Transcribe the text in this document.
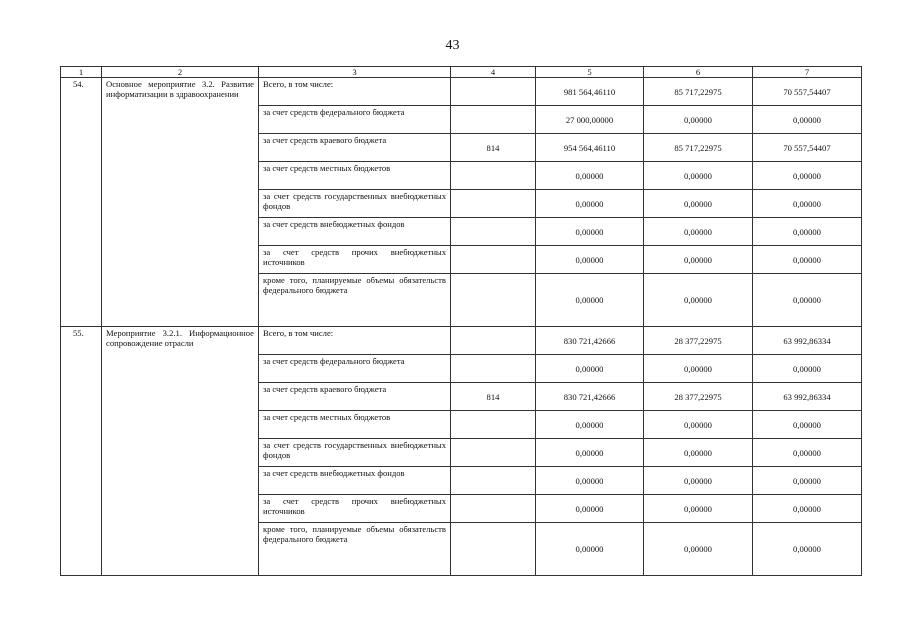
43
1	2	3	4	5	6	7
54.	Основное мероприятие 3.2. Развитие информатизации в здравоохранении	Всего, в том числе:		981 564,46110	85 717,22975	70 557,54407
		за счет средств федерального бюджета		27 000,00000	0,00000	0,00000
		за счет средств краевого бюджета	814	954 564,46110	85 717,22975	70 557,54407
		за счет средств местных бюджетов		0,00000	0,00000	0,00000
		за счет средств государственных внебюджетных фондов		0,00000	0,00000	0,00000
		за счет средств внебюджетных фондов		0,00000	0,00000	0,00000
		за счет средств прочих внебюджетных источников		0,00000	0,00000	0,00000
		кроме того, планируемые объемы обязательств федерального бюджета		0,00000	0,00000	0,00000
55.	Мероприятие 3.2.1. Информационное сопровождение отрасли	Всего, в том числе:		830 721,42666	28 377,22975	63 992,86334
		за счет средств федерального бюджета		0,00000	0,00000	0,00000
		за счет средств краевого бюджета	814	830 721,42666	28 377,22975	63 992,86334
		за счет средств местных бюджетов		0,00000	0,00000	0,00000
		за счет средств государственных внебюджетных фондов		0,00000	0,00000	0,00000
		за счет средств внебюджетных фондов		0,00000	0,00000	0,00000
		за счет средств прочих внебюджетных источников		0,00000	0,00000	0,00000
		кроме того, планируемые объемы обязательств федерального бюджета		0,00000	0,00000	0,00000
